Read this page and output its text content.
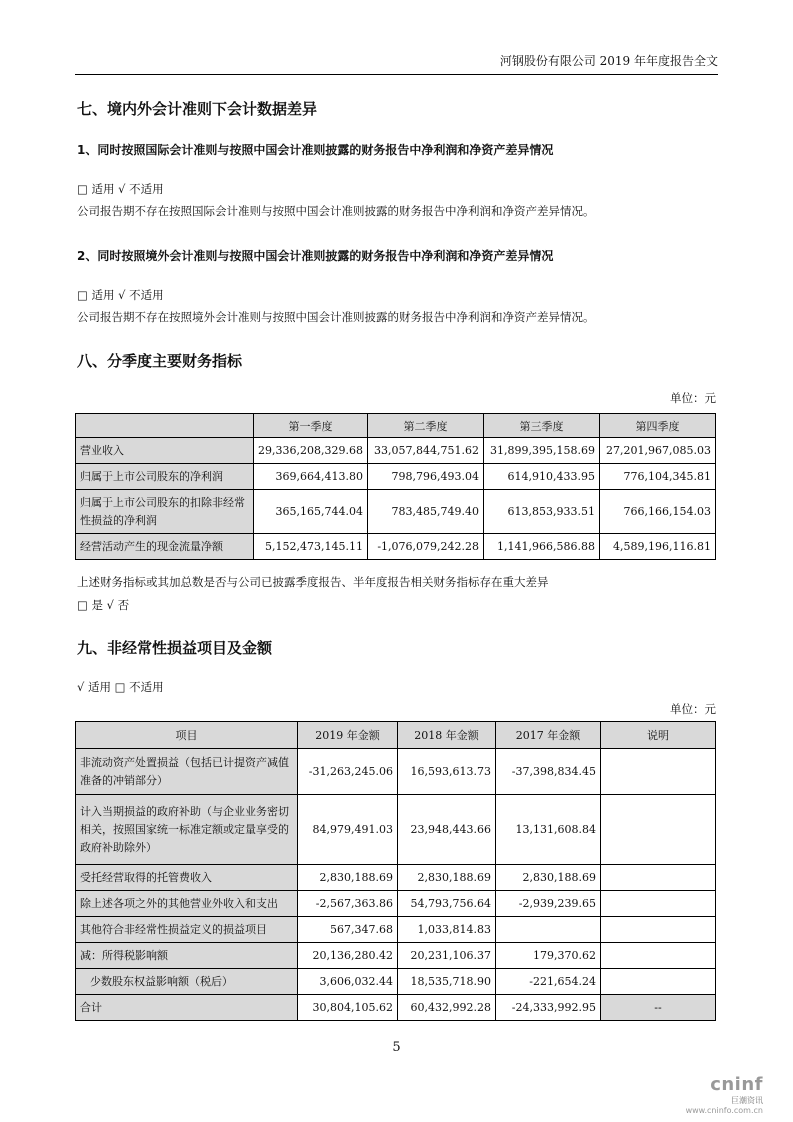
河钢股份有限公司 2019 年年度报告全文
七、境内外会计准则下会计数据差异
1、同时按照国际会计准则与按照中国会计准则披露的财务报告中净利润和净资产差异情况
□ 适用 √ 不适用
公司报告期不存在按照国际会计准则与按照中国会计准则披露的财务报告中净利润和净资产差异情况。
2、同时按照境外会计准则与按照中国会计准则披露的财务报告中净利润和净资产差异情况
□ 适用 √ 不适用
公司报告期不存在按照境外会计准则与按照中国会计准则披露的财务报告中净利润和净资产差异情况。
八、分季度主要财务指标
单位：元
	第一季度	第二季度	第三季度	第四季度
营业收入	29,336,208,329.68	33,057,844,751.62	31,899,395,158.69	27,201,967,085.03
归属于上市公司股东的净利润	369,664,413.80	798,796,493.04	614,910,433.95	776,104,345.81
归属于上市公司股东的扣除非经常性损益的净利润	365,165,744.04	783,485,749.40	613,853,933.51	766,166,154.03
经营活动产生的现金流量净额	5,152,473,145.11	-1,076,079,242.28	1,141,966,586.88	4,589,196,116.81
上述财务指标或其加总数是否与公司已披露季度报告、半年度报告相关财务指标存在重大差异
□ 是 √ 否
九、非经常性损益项目及金额
√ 适用 □ 不适用
单位：元
项目	2019 年金额	2018 年金额	2017 年金额	说明
非流动资产处置损益（包括已计提资产减值准备的冲销部分）	-31,263,245.06	16,593,613.73	-37,398,834.45	
计入当期损益的政府补助（与企业业务密切相关，按照国家统一标准定额或定量享受的政府补助除外）	84,979,491.03	23,948,443.66	13,131,608.84	
受托经营取得的托管费收入	2,830,188.69	2,830,188.69	2,830,188.69	
除上述各项之外的其他营业外收入和支出	-2,567,363.86	54,793,756.64	-2,939,239.65	
其他符合非经常性损益定义的损益项目	567,347.68	1,033,814.83		
减：所得税影响额	20,136,280.42	20,231,106.37	179,370.62	
少数股东权益影响额（税后）	3,606,032.44	18,535,718.90	-221,654.24	
合计	30,804,105.62	60,432,992.28	-24,333,992.95	--
5
cninf
巨潮资讯
www.cninfo.com.cn
